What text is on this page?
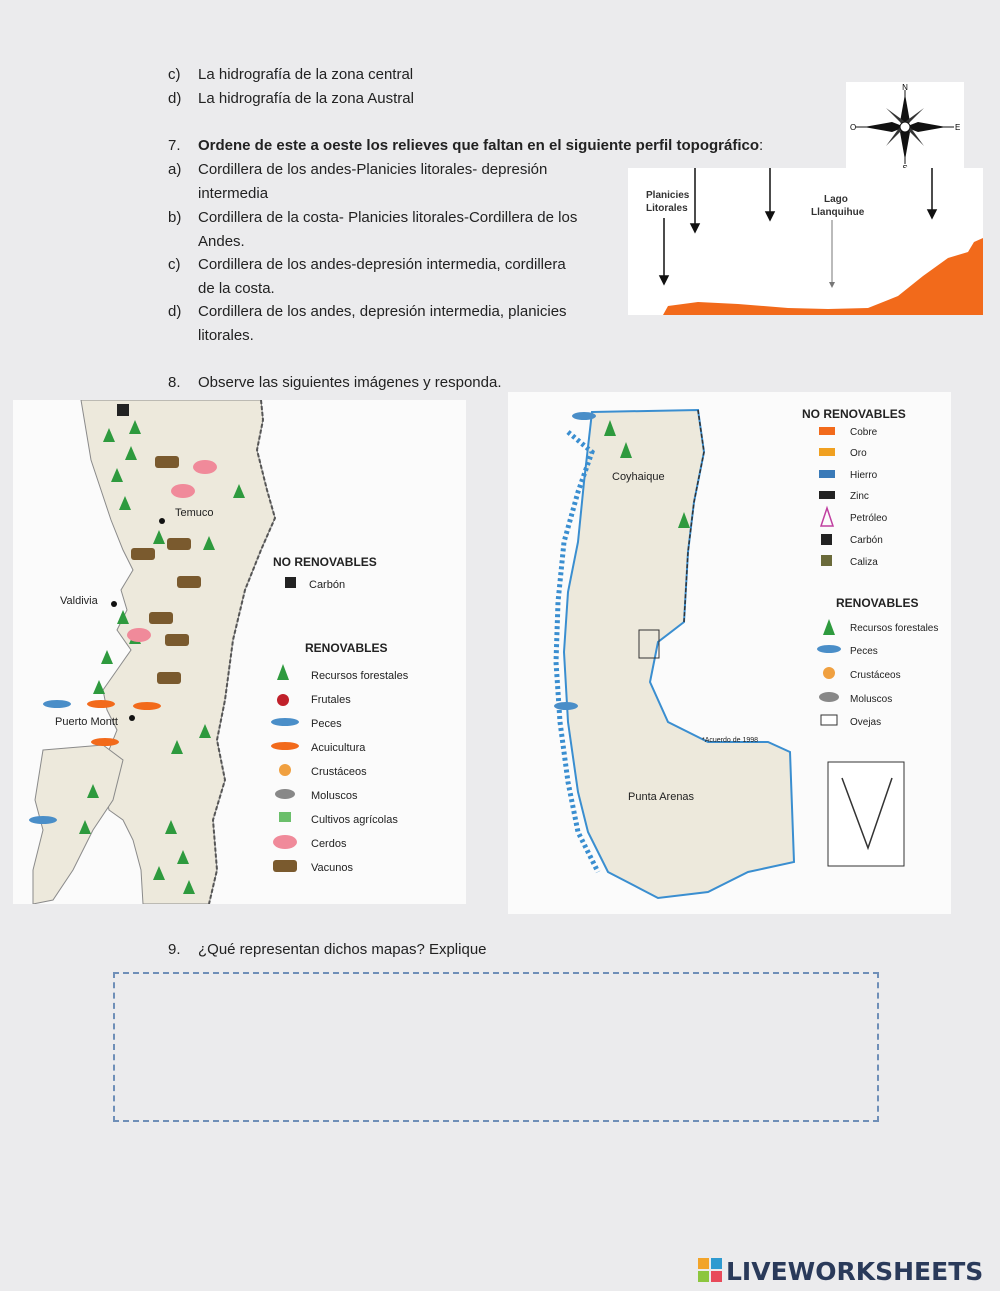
c)	La hidrografía de la zona central
d)	La hidrografía de la zona Austral
7.	Ordene de este a oeste los relieves que faltan en el siguiente perfil topográfico:
a)	Cordillera de los andes-Planicies litorales- depresión
intermedia
b)	Cordillera de la costa- Planicies litorales-Cordillera de los
Andes.
c)	Cordillera de los andes-depresión intermedia, cordillera
de la costa.
d)	Cordillera de los andes, depresión intermedia, planicies
litorales.
N
O	E
Planicies
Litorales
Lago
Llanquihue
8.	Observe las siguientes imágenes y responda.
Temuco
Valdivia
Puerto Montt
NO RENOVABLES
Carbón
RENOVABLES
Recursos forestales
Frutales
Peces
Acuicultura
Crustáceos
Moluscos
Cultivos agrícolas
Cerdos
Vacunos
Coyhaique
Punta Arenas
*Acuerdo de 1998
NO RENOVABLES
RENOVABLES
Cobre
Oro
Hierro
Zinc
Petróleo
Carbón
Caliza
Recursos forestales
Peces
Crustáceos
Moluscos
Ovejas
9.	¿Qué representan dichos mapas? Explique
LIVEWORKSHEETS
